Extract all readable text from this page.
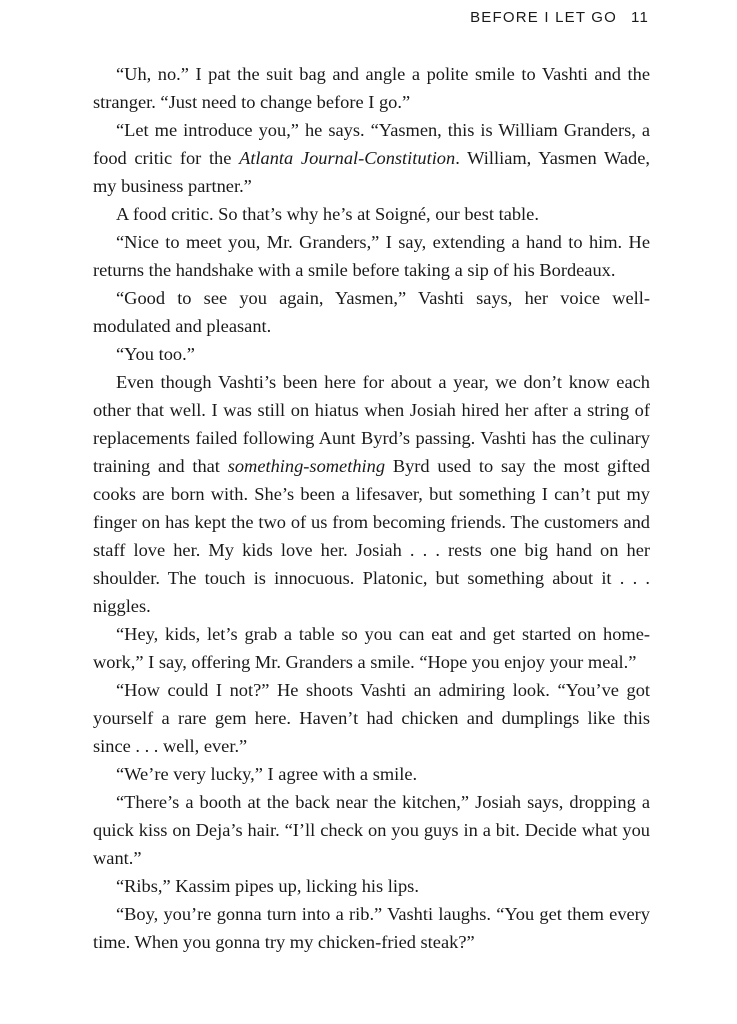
BEFORE I LET GO 11

“Uh, no.” I pat the suit bag and angle a polite smile to Vashti and the stranger. “Just need to change before I go.”

“Let me introduce you,” he says. “Yasmen, this is William Granders, a food critic for the Atlanta Journal-Constitution. William, Yasmen Wade, my business partner.”

A food critic. So that’s why he’s at Soigné, our best table.

“Nice to meet you, Mr. Granders,” I say, extending a hand to him. He returns the handshake with a smile before taking a sip of his Bordeaux.

“Good to see you again, Yasmen,” Vashti says, her voice well-modulated and pleasant.

“You too.”

Even though Vashti’s been here for about a year, we don’t know each other that well. I was still on hiatus when Josiah hired her after a string of replacements failed following Aunt Byrd’s passing. Vashti has the culinary training and that something-something Byrd used to say the most gifted cooks are born with. She’s been a lifesaver, but something I can’t put my finger on has kept the two of us from becoming friends. The customers and staff love her. My kids love her. Josiah . . . rests one big hand on her shoulder. The touch is innocuous. Platonic, but something about it . . . niggles.

“Hey, kids, let’s grab a table so you can eat and get started on home-work,” I say, offering Mr. Granders a smile. “Hope you enjoy your meal.”

“How could I not?” He shoots Vashti an admiring look. “You’ve got yourself a rare gem here. Haven’t had chicken and dumplings like this since . . . well, ever.”

“We’re very lucky,” I agree with a smile.

“There’s a booth at the back near the kitchen,” Josiah says, dropping a quick kiss on Deja’s hair. “I’ll check on you guys in a bit. Decide what you want.”

“Ribs,” Kassim pipes up, licking his lips.

“Boy, you’re gonna turn into a rib.” Vashti laughs. “You get them every time. When you gonna try my chicken-fried steak?”
